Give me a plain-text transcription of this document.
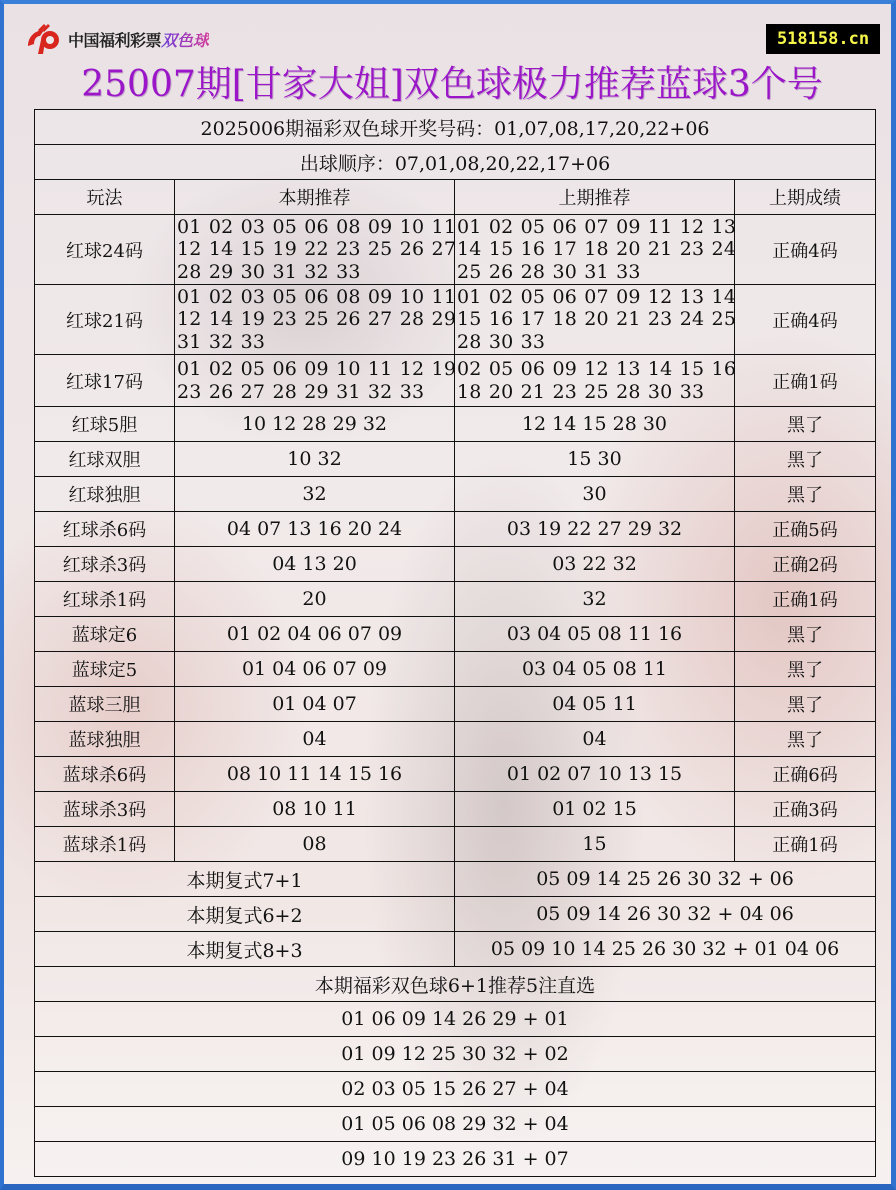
中国福利彩票 双色球	518158.cn
25007期[甘家大姐]双色球极力推荐蓝球3个号
2025006期福彩双色球开奖号码：01,07,08,17,20,22+06			
出球顺序：07,01,08,20,22,17+06			
玩法	本期推荐	上期推荐	上期成绩
红球24码	01 02 03 05 06 08 09 10 11
12 14 15 19 22 23 25 26 27
28 29 30 31 32 33	01 02 05 06 07 09 11 12 13
14 15 16 17 18 20 21 23 24
25 26 28 30 31 33	正确4码
红球21码	01 02 03 05 06 08 09 10 11
12 14 19 23 25 26 27 28 29
31 32 33	01 02 05 06 07 09 12 13 14
15 16 17 18 20 21 23 24 25
28 30 33	正确4码
红球17码	01 02 05 06 09 10 11 12 19
23 26 27 28 29 31 32 33	02 05 06 09 12 13 14 15 16
18 20 21 23 25 28 30 33	正确1码
红球5胆	10 12 28 29 32	12 14 15 28 30	黑了
红球双胆	10 32	15 30	黑了
红球独胆	32	30	黑了
红球杀6码	04 07 13 16 20 24	03 19 22 27 29 32	正确5码
红球杀3码	04 13 20	03 22 32	正确2码
红球杀1码	20	32	正确1码
蓝球定6	01 02 04 06 07 09	03 04 05 08 11 16	黑了
蓝球定5	01 04 06 07 09	03 04 05 08 11	黑了
蓝球三胆	01 04 07	04 05 11	黑了
蓝球独胆	04	04	黑了
蓝球杀6码	08 10 11 14 15 16	01 02 07 10 13 15	正确6码
蓝球杀3码	08 10 11	01 02 15	正确3码
蓝球杀1码	08	15	正确1码
本期复式7+1		05 09 14 25 26 30 32 + 06	
本期复式6+2		05 09 14 26 30 32 + 04 06	
本期复式8+3		05 09 10 14 25 26 30 32 + 01 04 06	
本期福彩双色球6+1推荐5注直选			
01 06 09 14 26 29 + 01			
01 09 12 25 30 32 + 02			
02 03 05 15 26 27 + 04			
01 05 06 08 29 32 + 04			
09 10 19 23 26 31 + 07			
